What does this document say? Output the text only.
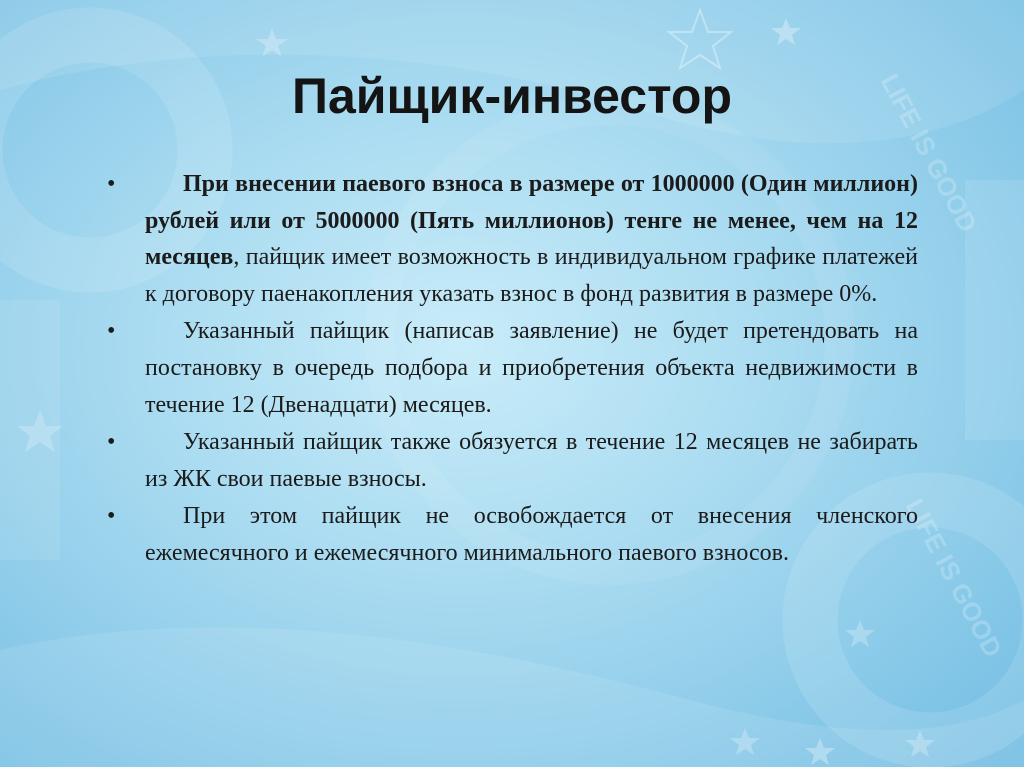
LIFE IS GOOD
LIFE IS GOOD
Пайщик-инвестор

•	При внесении паевого взноса в размере от 1000000 (Один миллион) рублей или от 5000000 (Пять миллионов) тенге не менее, чем на 12 месяцев, пайщик имеет возможность в индивидуальном графике платежей к договору паенакопления указать взнос в фонд развития в размере 0%.

•	Указанный пайщик (написав заявление) не будет претендовать на постановку в очередь подбора и приобретения объекта недвижимости в течение 12 (Двенадцати) месяцев.

•	Указанный пайщик также обязуется в течение 12 месяцев не забирать из ЖК свои паевые взносы.

•	При этом пайщик не освобождается от внесения членского ежемесячного и ежемесячного минимального паевого взносов.
